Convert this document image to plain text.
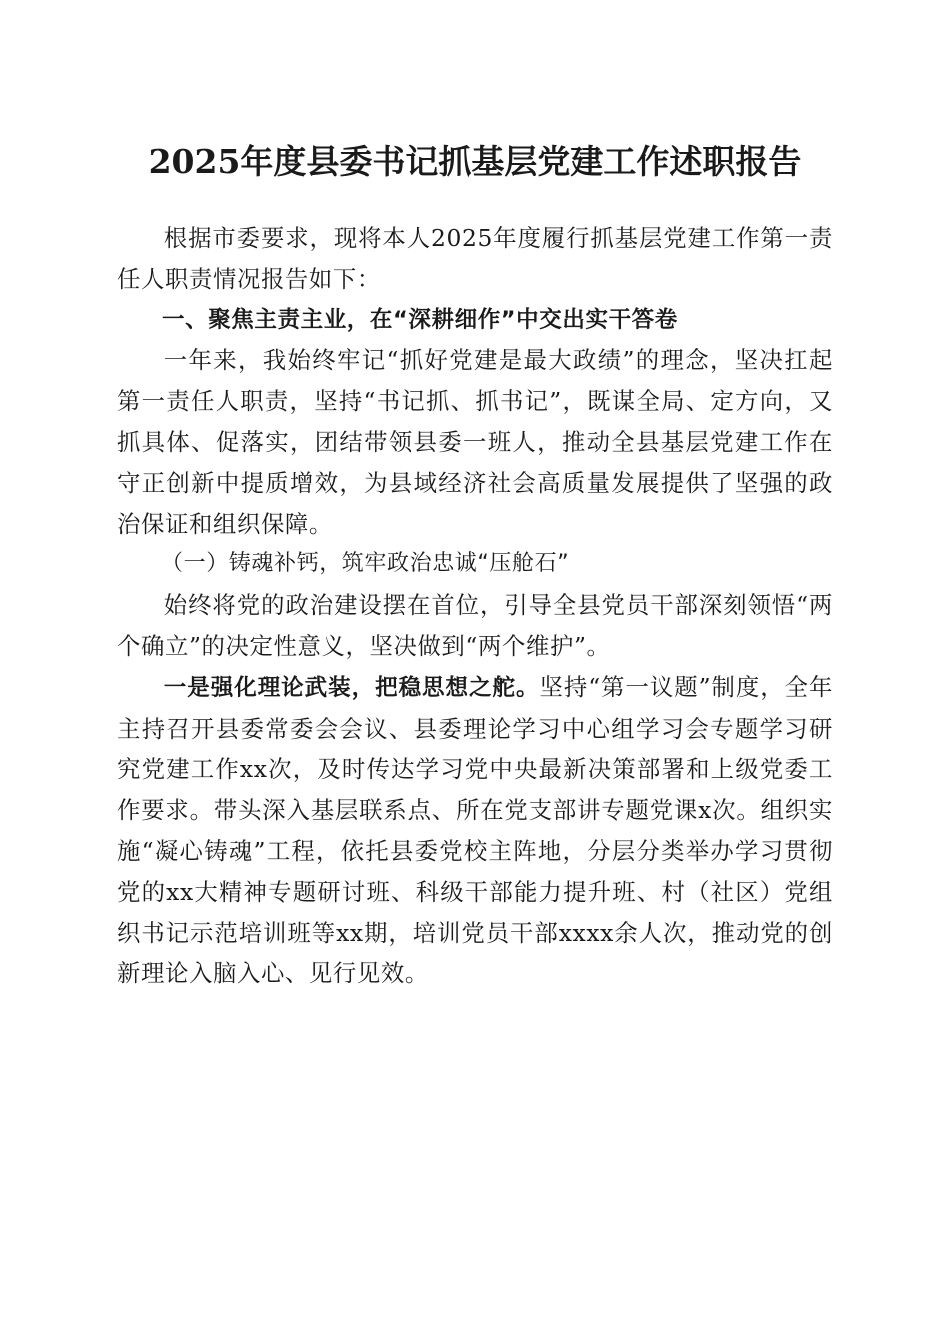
2025年度县委书记抓基层党建工作述职报告

根据市委要求，现将本人2025年度履行抓基层党建工作第一责任人职责情况报告如下：

一、聚焦主责主业，在“深耕细作”中交出实干答卷

一年来，我始终牢记“抓好党建是最大政绩”的理念，坚决扛起第一责任人职责，坚持“书记抓、抓书记”，既谋全局、定方向，又抓具体、促落实，团结带领县委一班人，推动全县基层党建工作在守正创新中提质增效，为县域经济社会高质量发展提供了坚强的政治保证和组织保障。

（一）铸魂补钙，筑牢政治忠诚“压舱石”

始终将党的政治建设摆在首位，引导全县党员干部深刻领悟“两个确立”的决定性意义，坚决做到“两个维护”。

一是强化理论武装，把稳思想之舵。坚持“第一议题”制度，全年主持召开县委常委会会议、县委理论学习中心组学习会专题学习研究党建工作xx次，及时传达学习党中央最新决策部署和上级党委工作要求。带头深入基层联系点、所在党支部讲专题党课x次。组织实施“凝心铸魂”工程，依托县委党校主阵地，分层分类举办学习贯彻党的xx大精神专题研讨班、科级干部能力提升班、村（社区）党组织书记示范培训班等xx期，培训党员干部xxxx余人次，推动党的创新理论入脑入心、见行见效。
